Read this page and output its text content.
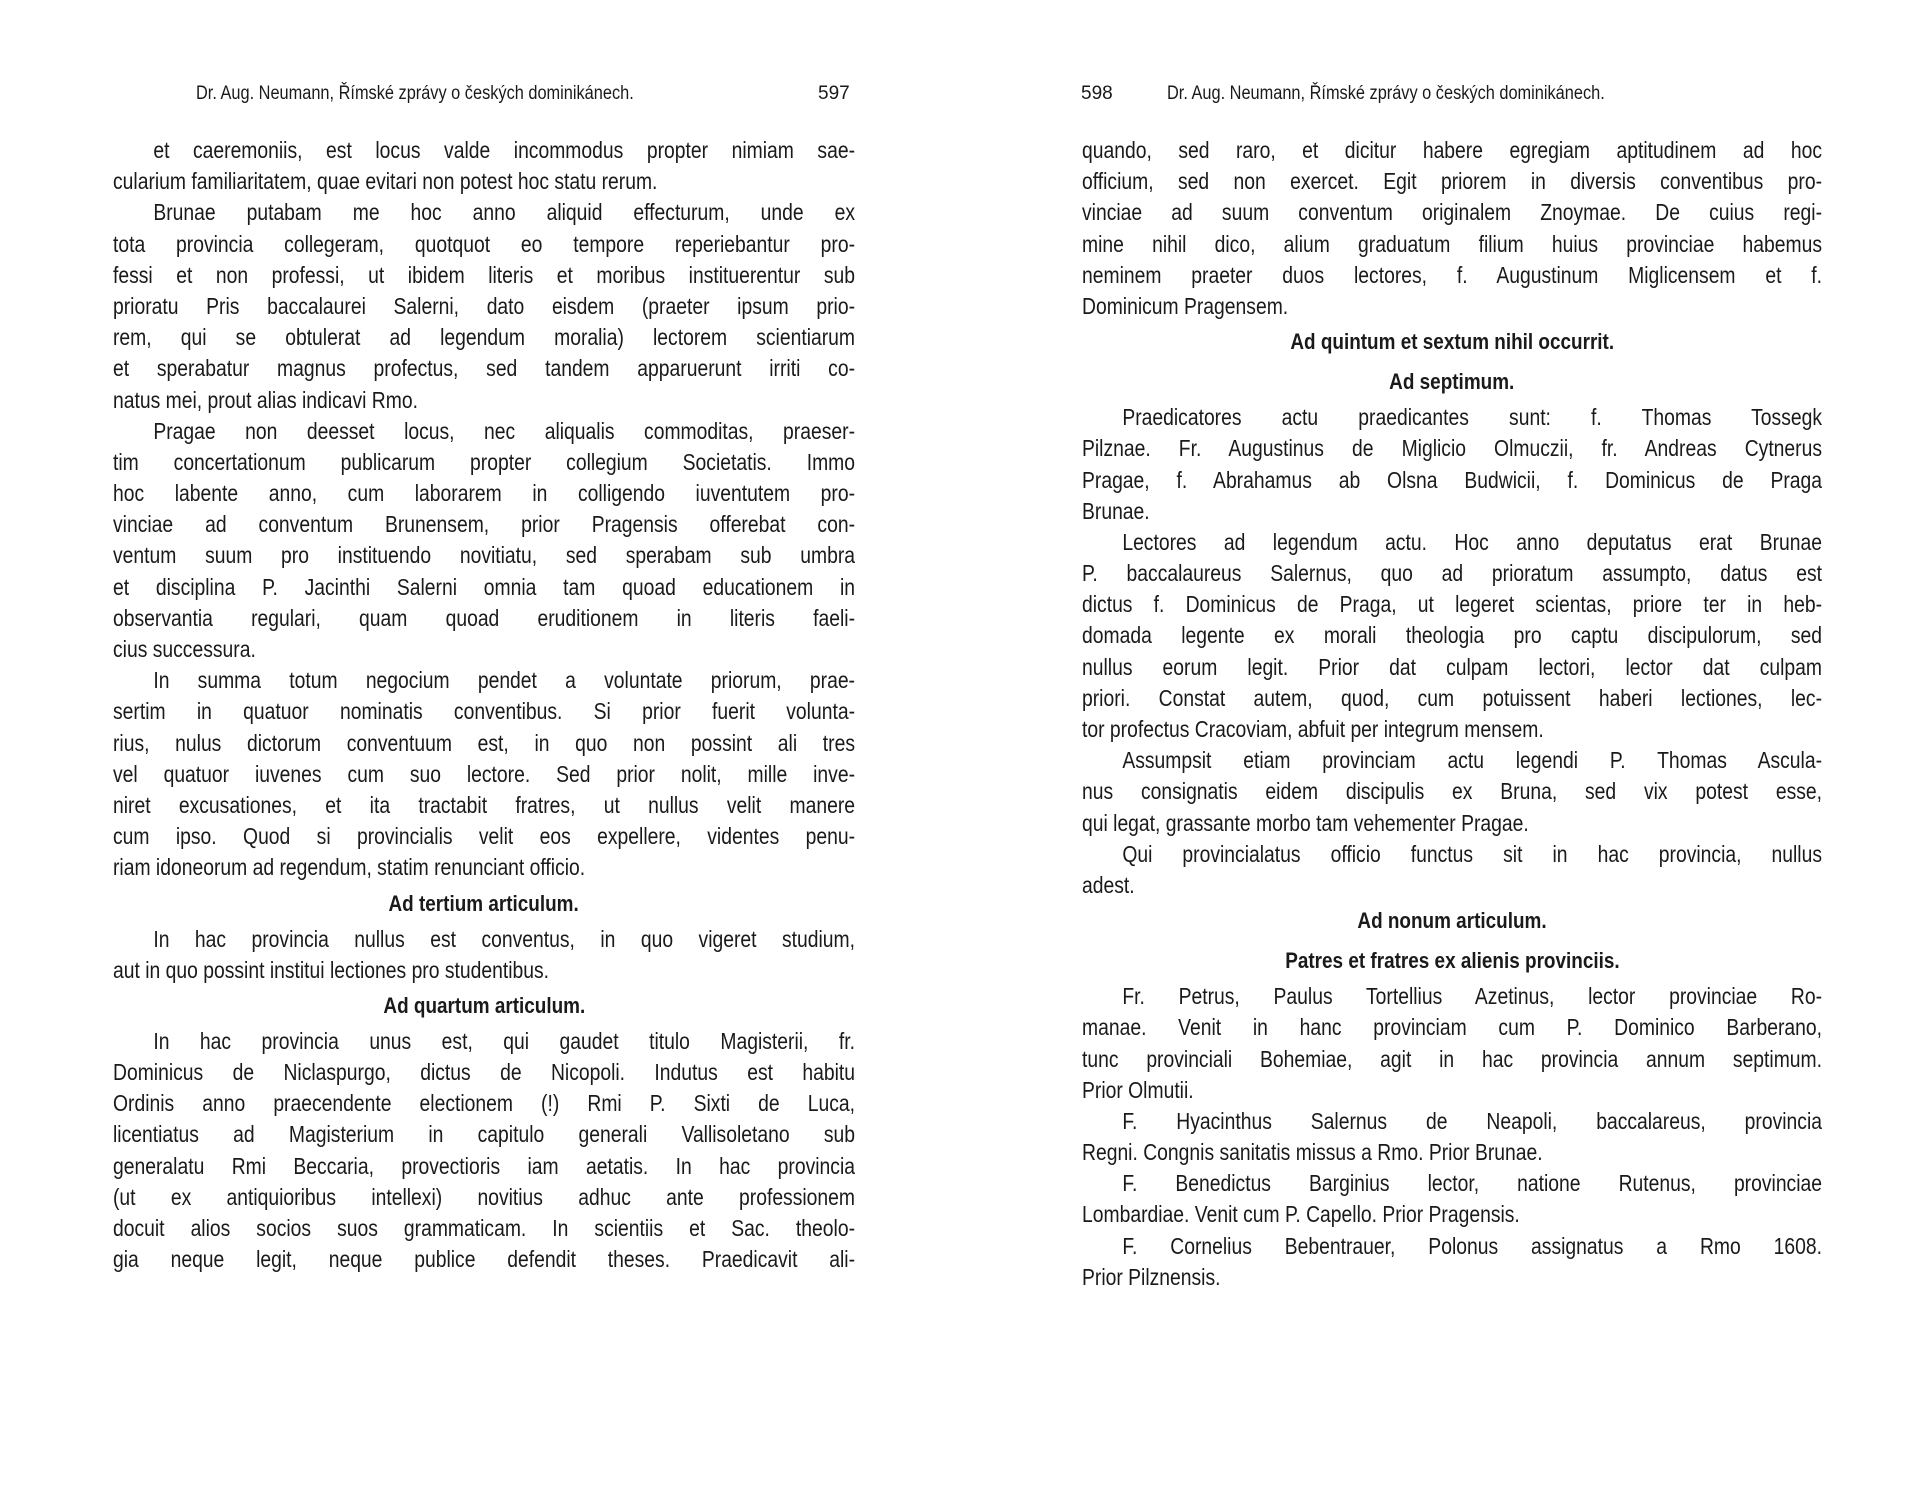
Dr. Aug. Neumann, Římské zprávy o českých dominikánech.	597
et caeremoniis, est locus valde incommodus propter nimiam sae-
cularium familiaritatem, quae evitari non potest hoc statu rerum.
Brunae putabam me hoc anno aliquid effecturum, unde ex
tota provincia collegeram, quotquot eo tempore reperiebantur pro-
fessi et non professi, ut ibidem literis et moribus instituerentur sub
prioratu Pris baccalaurei Salerni, dato eisdem (praeter ipsum prio-
rem, qui se obtulerat ad legendum moralia) lectorem scientiarum
et sperabatur magnus profectus, sed tandem apparuerunt irriti co-
natus mei, prout alias indicavi Rmo.
Pragae non deesset locus, nec aliqualis commoditas, praeser-
tim concertationum publicarum propter collegium Societatis. Immo
hoc labente anno, cum laborarem in colligendo iuventutem pro-
vinciae ad conventum Brunensem, prior Pragensis offerebat con-
ventum suum pro instituendo novitiatu, sed sperabam sub umbra
et disciplina P. Jacinthi Salerni omnia tam quoad educationem in
observantia regulari, quam quoad eruditionem in literis faeli-
cius successura.
In summa totum negocium pendet a voluntate priorum, prae-
sertim in quatuor nominatis conventibus. Si prior fuerit volunta-
rius, nulus dictorum conventuum est, in quo non possint ali tres
vel quatuor iuvenes cum suo lectore. Sed prior nolit, mille inve-
niret excusationes, et ita tractabit fratres, ut nullus velit manere
cum ipso. Quod si provincialis velit eos expellere, videntes penu-
riam idoneorum ad regendum, statim renunciant officio.
Ad tertium articulum.
In hac provincia nullus est conventus, in quo vigeret studium,
aut in quo possint institui lectiones pro studentibus.
Ad quartum articulum.
In hac provincia unus est, qui gaudet titulo Magisterii, fr.
Dominicus de Niclaspurgo, dictus de Nicopoli. Indutus est habitu
Ordinis anno praecendente electionem (!) Rmi P. Sixti de Luca,
licentiatus ad Magisterium in capitulo generali Vallisoletano sub
generalatu Rmi Beccaria, provectioris iam aetatis. In hac provincia
(ut ex antiquioribus intellexi) novitius adhuc ante professionem
docuit alios socios suos grammaticam. In scientiis et Sac. theolo-
gia neque legit, neque publice defendit theses. Praedicavit ali-
598	Dr. Aug. Neumann, Římské zprávy o českých dominikánech.
quando, sed raro, et dicitur habere egregiam aptitudinem ad hoc
officium, sed non exercet. Egit priorem in diversis conventibus pro-
vinciae ad suum conventum originalem Znoymae. De cuius regi-
mine nihil dico, alium graduatum filium huius provinciae habemus
neminem praeter duos lectores, f. Augustinum Miglicensem et f.
Dominicum Pragensem.
Ad quintum et sextum nihil occurrit.
Ad septimum.
Praedicatores actu praedicantes sunt: f. Thomas Tossegk
Pilznae. Fr. Augustinus de Miglicio Olmuczii, fr. Andreas Cytnerus
Pragae, f. Abrahamus ab Olsna Budwicii, f. Dominicus de Praga
Brunae.
Lectores ad legendum actu. Hoc anno deputatus erat Brunae
P. baccalaureus Salernus, quo ad prioratum assumpto, datus est
dictus f. Dominicus de Praga, ut legeret scientas, priore ter in heb-
domada legente ex morali theologia pro captu discipulorum, sed
nullus eorum legit. Prior dat culpam lectori, lector dat culpam
priori. Constat autem, quod, cum potuissent haberi lectiones, lec-
tor profectus Cracoviam, abfuit per integrum mensem.
Assumpsit etiam provinciam actu legendi P. Thomas Ascula-
nus consignatis eidem discipulis ex Bruna, sed vix potest esse,
qui legat, grassante morbo tam vehementer Pragae.
Qui provincialatus officio functus sit in hac provincia, nullus
adest.
Ad nonum articulum.
Patres et fratres ex alienis provinciis.
Fr. Petrus, Paulus Tortellius Azetinus, lector provinciae Ro-
manae. Venit in hanc provinciam cum P. Dominico Barberano,
tunc provinciali Bohemiae, agit in hac provincia annum septimum.
Prior Olmutii.
F. Hyacinthus Salernus de Neapoli, baccalareus, provincia
Regni. Congnis sanitatis missus a Rmo. Prior Brunae.
F. Benedictus Barginius lector, natione Rutenus, provinciae
Lombardiae. Venit cum P. Capello. Prior Pragensis.
F. Cornelius Bebentrauer, Polonus assignatus a Rmo 1608.
Prior Pilznensis.
